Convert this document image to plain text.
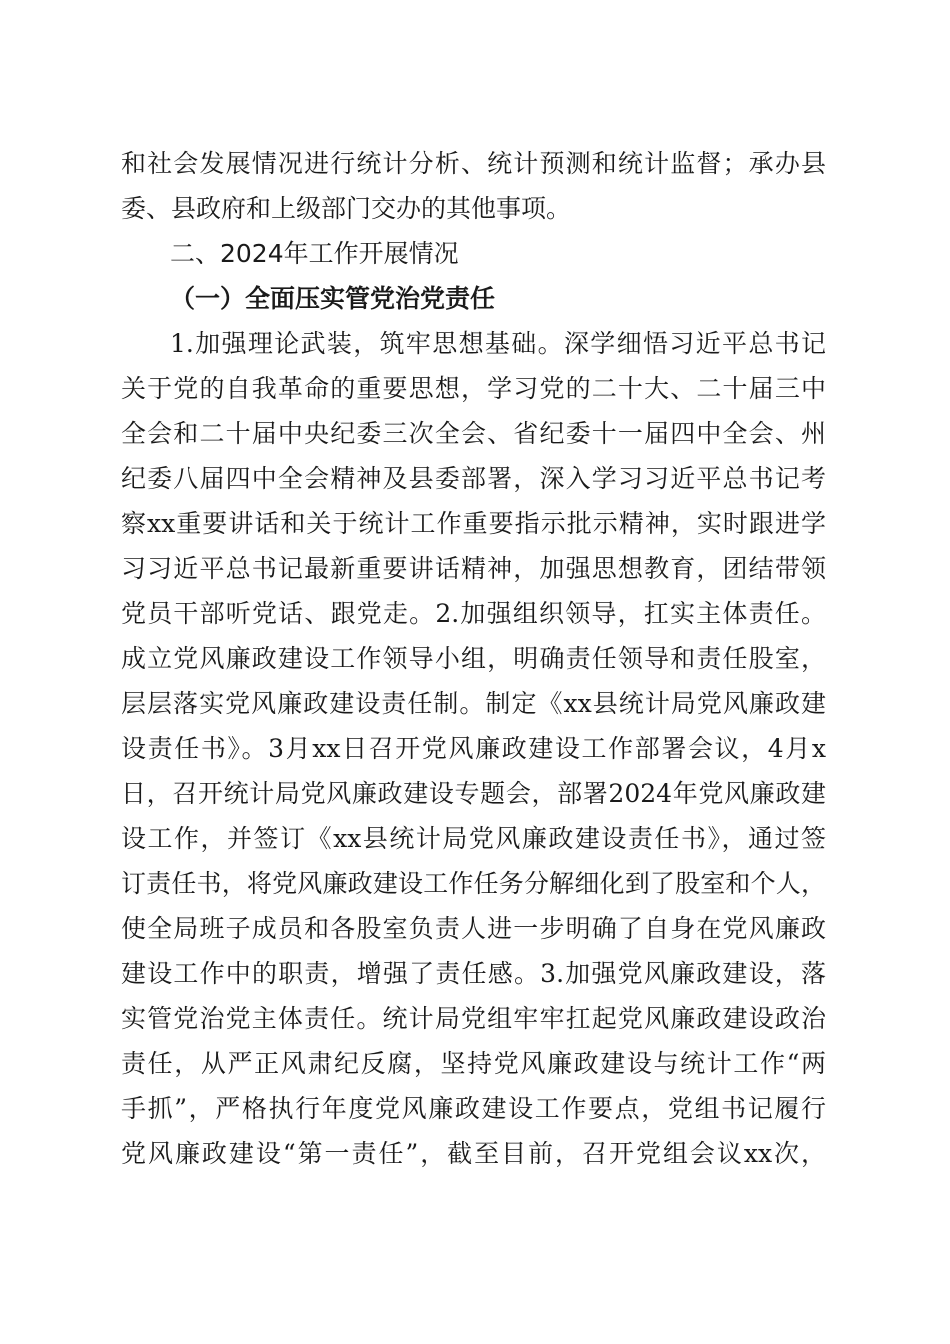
和社会发展情况进行统计分析、统计预测和统计监督；承办县
委、县政府和上级部门交办的其他事项。
二、2024年工作开展情况
（一）全面压实管党治党责任
1.加强理论武装，筑牢思想基础。深学细悟习近平总书记
关于党的自我革命的重要思想，学习党的二十大、二十届三中
全会和二十届中央纪委三次全会、省纪委十一届四中全会、州
纪委八届四中全会精神及县委部署，深入学习习近平总书记考
察xx重要讲话和关于统计工作重要指示批示精神，实时跟进学
习习近平总书记最新重要讲话精神，加强思想教育，团结带领
党员干部听党话、跟党走。2.加强组织领导，扛实主体责任。
成立党风廉政建设工作领导小组，明确责任领导和责任股室，
层层落实党风廉政建设责任制。制定《xx县统计局党风廉政建
设责任书》。3月xx日召开党风廉政建设工作部署会议，4月x
日，召开统计局党风廉政建设专题会，部署2024年党风廉政建
设工作，并签订《xx县统计局党风廉政建设责任书》，通过签
订责任书，将党风廉政建设工作任务分解细化到了股室和个人，
使全局班子成员和各股室负责人进一步明确了自身在党风廉政
建设工作中的职责，增强了责任感。3.加强党风廉政建设，落
实管党治党主体责任。统计局党组牢牢扛起党风廉政建设政治
责任，从严正风肃纪反腐，坚持党风廉政建设与统计工作“两
手抓”，严格执行年度党风廉政建设工作要点，党组书记履行
党风廉政建设“第一责任”，截至目前，召开党组会议xx次，
